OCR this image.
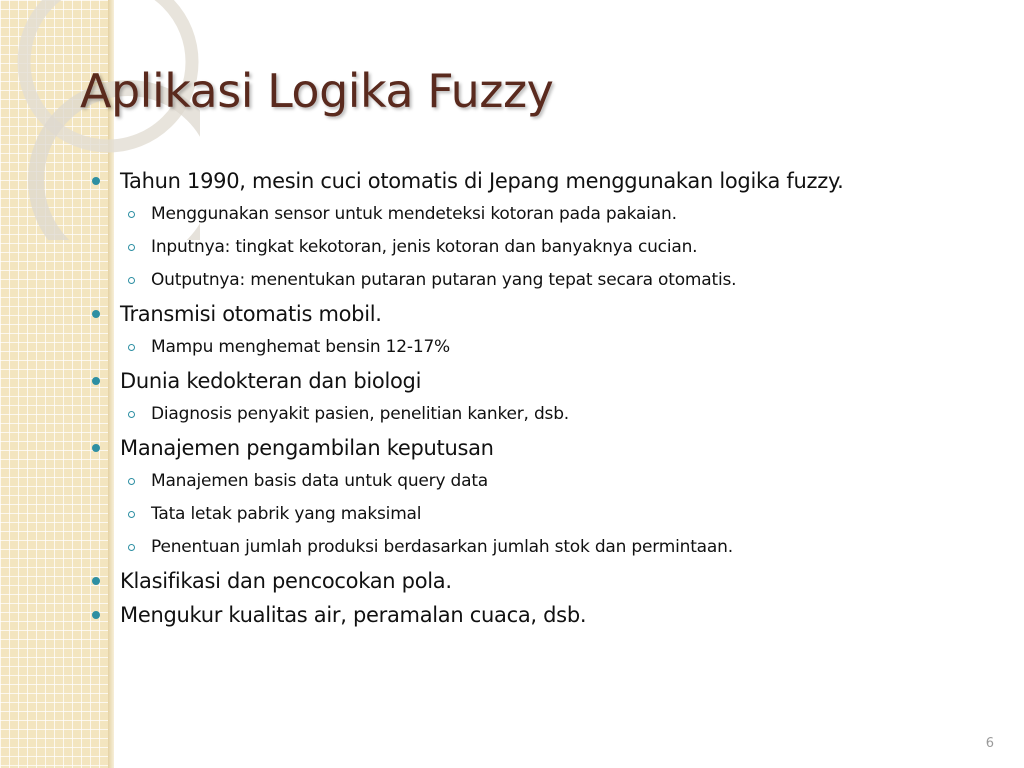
Aplikasi Logika Fuzzy
Tahun 1990, mesin cuci otomatis di Jepang menggunakan logika fuzzy.
Menggunakan sensor untuk mendeteksi kotoran pada pakaian.
Inputnya: tingkat kekotoran, jenis kotoran dan banyaknya cucian.
Outputnya: menentukan putaran putaran yang tepat secara otomatis.
Transmisi otomatis mobil.
Mampu menghemat bensin 12-17%
Dunia kedokteran dan biologi
Diagnosis penyakit pasien, penelitian kanker, dsb.
Manajemen pengambilan keputusan
Manajemen basis data untuk query data
Tata letak pabrik yang maksimal
Penentuan jumlah produksi berdasarkan jumlah stok dan permintaan.
Klasifikasi dan pencocokan pola.
Mengukur kualitas air, peramalan cuaca, dsb.
6
